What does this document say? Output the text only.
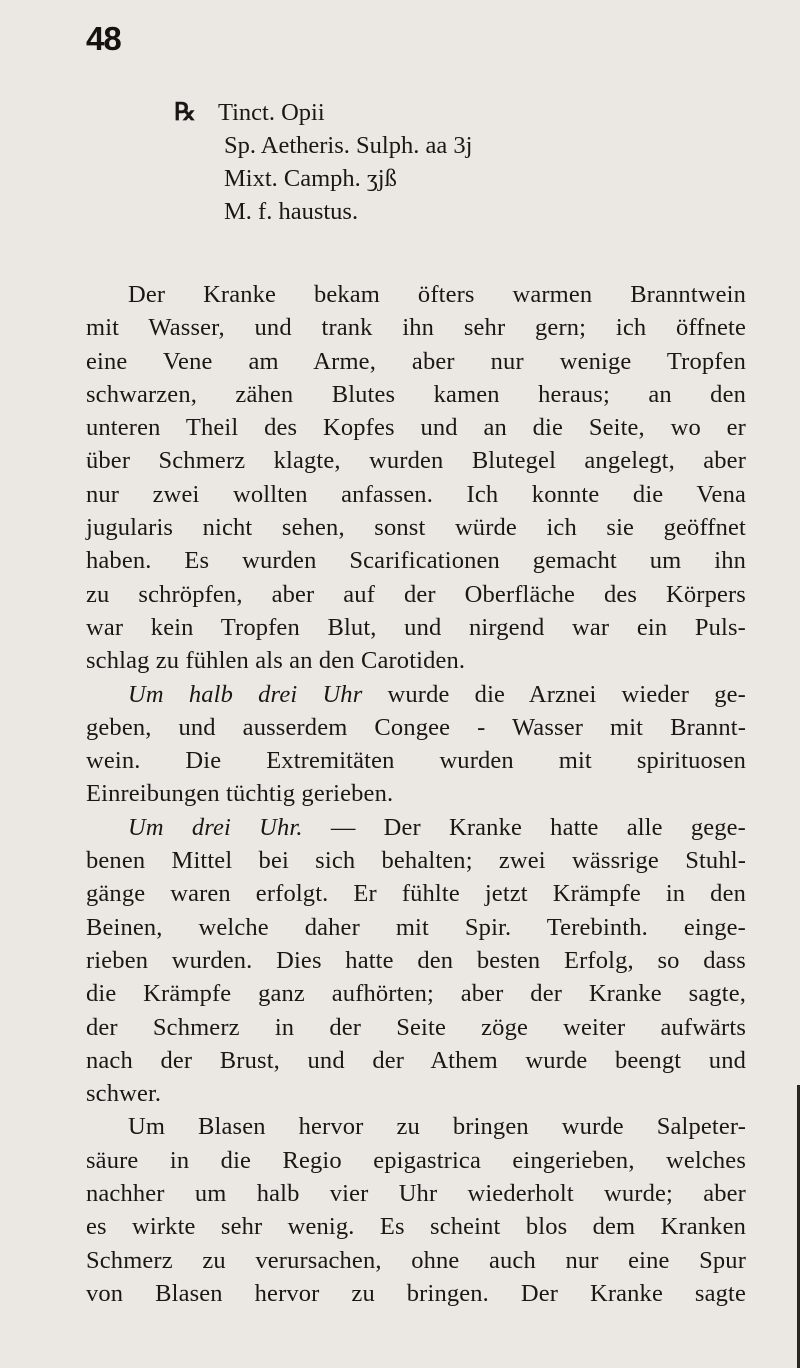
48
℞ Tinct. Opii
Sp. Aetheris. Sulph. aa 3j
Mixt. Camph. ʒjß
M. f. haustus.
Der Kranke bekam öfters warmen Branntwein
mit Wasser, und trank ihn sehr gern; ich öffnete
eine Vene am Arme, aber nur wenige Tropfen
schwarzen, zähen Blutes kamen heraus; an den
unteren Theil des Kopfes und an die Seite, wo er
über Schmerz klagte, wurden Blutegel angelegt, aber
nur zwei wollten anfassen. Ich konnte die Vena
jugularis nicht sehen, sonst würde ich sie geöffnet
haben. Es wurden Scarificationen gemacht um ihn
zu schröpfen, aber auf der Oberfläche des Körpers
war kein Tropfen Blut, und nirgend war ein Puls-
schlag zu fühlen als an den Carotiden.
Um halb drei Uhr wurde die Arznei wieder ge-
geben, und ausserdem Congee - Wasser mit Brannt-
wein. Die Extremitäten wurden mit spirituosen
Einreibungen tüchtig gerieben.
Um drei Uhr. — Der Kranke hatte alle gege-
benen Mittel bei sich behalten; zwei wässrige Stuhl-
gänge waren erfolgt. Er fühlte jetzt Krämpfe in den
Beinen, welche daher mit Spir. Terebinth. einge-
rieben wurden. Dies hatte den besten Erfolg, so dass
die Krämpfe ganz aufhörten; aber der Kranke sagte,
der Schmerz in der Seite zöge weiter aufwärts
nach der Brust, und der Athem wurde beengt und
schwer.
Um Blasen hervor zu bringen wurde Salpeter-
säure in die Regio epigastrica eingerieben, welches
nachher um halb vier Uhr wiederholt wurde; aber
es wirkte sehr wenig. Es scheint blos dem Kranken
Schmerz zu verursachen, ohne auch nur eine Spur
von Blasen hervor zu bringen. Der Kranke sagte
